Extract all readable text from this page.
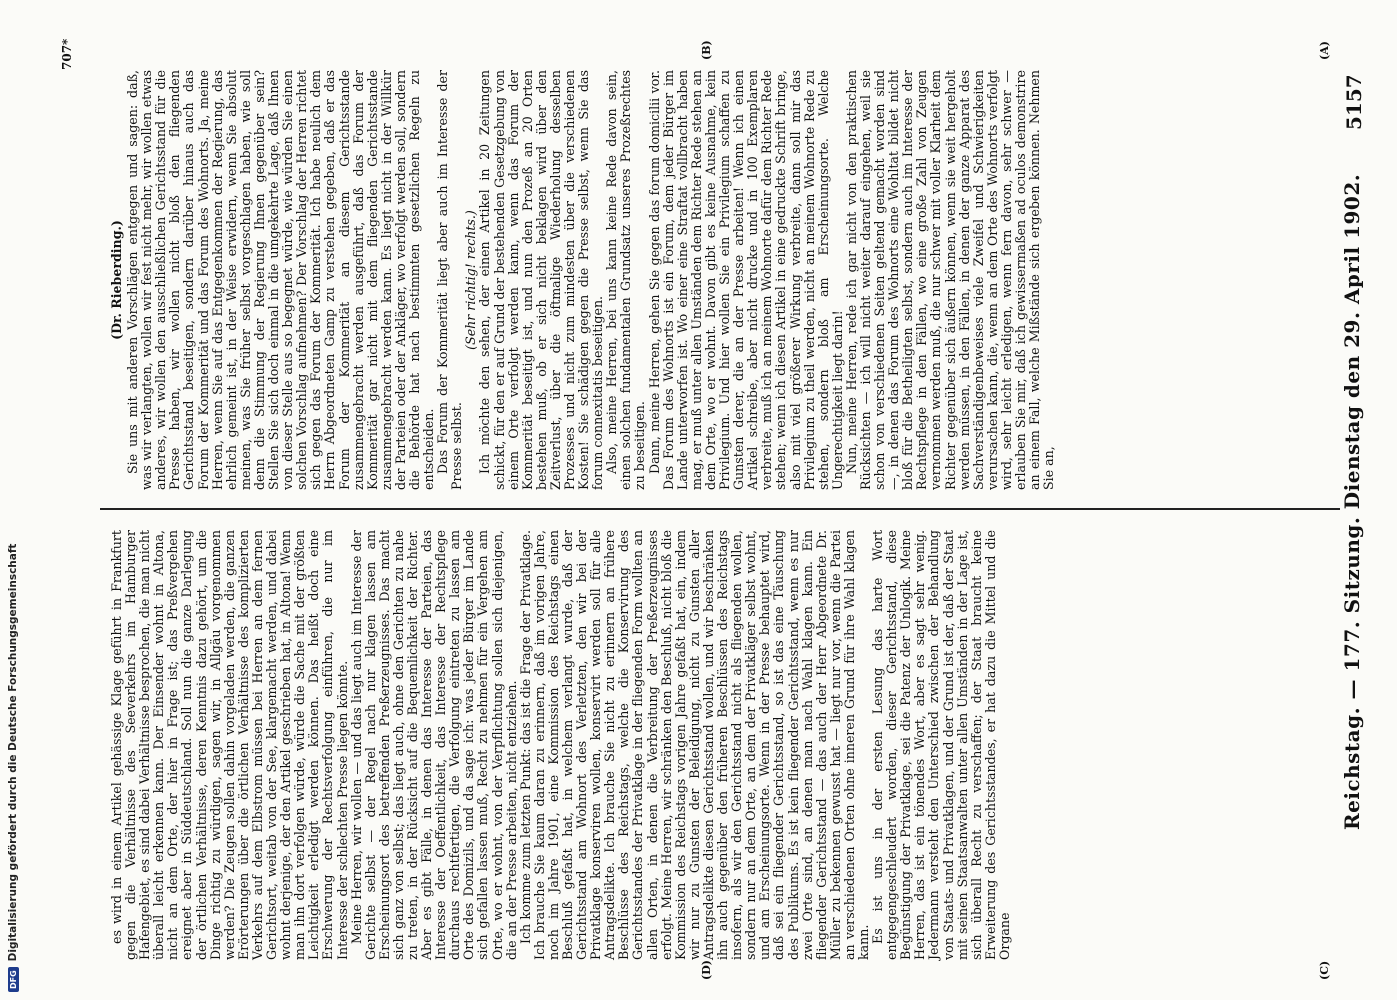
DFG
Digitalisierung gefördert durch die Deutsche Forschungsgemeinschaft
707*
Reichstag. — 177. Sitzung. Dienstag den 29. April 1902.
5157
(A)
(B)
(C)
(D)
(Dr. Rieberding.) Sie uns mit anderen Vorschlägen entgegen und sagen: daß, was wir verlangten, wollen wir fest nicht mehr, wir wollen etwas anderes, wir wollen den ausschließlichen Gerichtsstand für die Presse haben, wir wollen nicht bloß den fliegenden Gerichtsstand beseitigen, sondern darüber hinaus auch das Forum der Kommerität und das Forum des Wohnorts. Ja, meine Herren, wenn Sie auf das Entgegenkommen der Regierung, das ehrlich gemeint ist, in der Weise erwidern, wenn Sie absolut meinen, was Sie früher selbst vorgeschlagen haben, wie soll denn die Stimmung der Regierung Ihnen gegenüber sein? Stellen Sie sich doch einmal in die umgekehrte Lage, daß Ihnen von dieser Stelle aus so begegnet würde, wie würden Sie einen solchen Vorschlag aufnehmen? Der Vorschlag der Herren richtet sich gegen das Forum der Kommerität. Ich habe neulich dem Herrn Abgeordneten Gamp zu verstehen gegeben, daß er das Forum der Kommerität an diesem Gerichtsstande zusammengebracht werden ausgeführt, daß das Forum der Kommerität gar nicht mit dem fliegenden Gerichtsstande zusammengebracht werden kann. Es liegt nicht in der Willkür der Parteien oder der Ankläger, wo verfolgt werden soll, sondern die Behörde hat nach bestimmten gesetzlichen Regeln zu entscheiden. Das Forum der Kommerität liegt aber auch im Interesse der Presse selbst.

(Sehr richtig! rechts.) Ich möchte den sehen, der einen Artikel in 20 Zeitungen schickt, für den er auf Grund der bestehenden Gesetzgebung von einem Orte verfolgt werden kann, wenn das Forum der Kommerität beseitigt ist, und nun den Prozeß an 20 Orten bestehen muß, ob er sich nicht beklagen wird über den Zeitverlust, über die öftmalige Wiederholung desselben Prozesses und nicht zum mindesten über die verschiedenen Kosten! Sie schädigen gegen die Presse selbst, wenn Sie das forum connexitatis beseitigen. Also, meine Herren, bei uns kann keine Rede davon sein, einen solchen fundamentalen Grundsatz unseres Prozeßrechtes zu beseitigen. Dann, meine Herren, gehen Sie gegen das forum domicilii vor. Das Forum des Wohnorts ist ein Forum, dem jeder Bürger im Lande unterworfen ist. Wo einer eine Straftat vollbracht haben mag, er muß unter allen Umständen dem Richter Rede stehen an dem Orte, wo er wohnt. Davon gibt es keine Ausnahme, kein Privilegium. Und hier wollen Sie ein Privilegium schaffen zu Gunsten derer, die an der Presse arbeiten! Wenn ich einen Artikel schreibe, aber nicht drucke und in 100 Exemplaren verbreite, muß ich an meinem Wohnorte dafür dem Richter Rede stehen; wenn ich diesen Artikel in eine gedruckte Schrift bringe, also mit viel größerer Wirkung verbreite, dann soll mir das Privilegium zu theil werden, nicht an meinem Wohnorte Rede zu stehen, sondern bloß am Erscheinungsorte. Welche Ungerechtigkeit liegt darin! Nun, meine Herren, rede ich gar nicht von den praktischen Rücksichten — ich will nicht weiter darauf eingehen, weil sie schon von verschiedenen Seiten geltend gemacht worden sind —, in denen das Forum des Wohnorts eine Wohltat bildet nicht bloß für die Betheiligten selbst, sondern auch im Interesse der Rechtspflege in den Fällen, wo eine große Zahl von Zeugen vernommen werden muß, die nur schwer mit voller Klarheit dem Richter gegenüber sich äußern können, wenn sie weit hergeholt werden müssen, in den Fällen, in denen der ganze Apparat des Sachverständigenbeweises viele Zweifel und Schwierigkeiten verursachen kann, die, wenn an dem Orte des Wohnorts verfolgt wird, sehr leicht erledigen, wenn fern davon, sehr schwer — erlauben Sie mir, daß ich gewissermaßen ad oculos demonstrire an einem Fall, welche Mißstände sich ergeben können. Nehmen Sie an,

es wird in einem Artikel gehässige Klage geführt in Frankfurt gegen die Verhältnisse des Seeverkehrs im Hamburger Hafengebiet, es sind dabei Verhältnisse besprochen, die man nicht überall leicht erkennen kann. Der Einsender wohnt in Altona, nicht an dem Orte, der hier in Frage ist; das Preßvergehen ereignet aber in Süddeutschland. Soll nun die ganze Darlegung der örtlichen Verhältnisse, deren Kenntnis dazu gehört, um die Dinge richtig zu würdigen, sagen wir, in Allgäu vorgenommen werden? Die Zeugen sollen dahin vorgeladen werden, die ganzen Erörterungen über die örtlichen Verhältnisse des komplizierten Verkehrs auf dem Elbstrom müssen bei Herren an dem fernen Gerichtsort, weitab von der See, klargemacht werden, und dabei wohnt derjenige, der den Artikel geschrieben hat, in Altona! Wenn man ihn dort verfolgen würde, würde die Sache mit der größten Leichtigkeit erledigt werden können. Das heißt doch eine Erschwerung der Rechtsverfolgung einführen, die nur im Interesse der schlechten Presse liegen könnte. Meine Herren, wir wollen — und das liegt auch im Interesse der Gerichte selbst — der Regel nach nur klagen lassen am Erscheinungsort des betreffenden Preßerzeugnisses. Das macht sich ganz von selbst; das liegt auch, ohne den Gerichten zu nahe zu treten, in der Rücksicht auf die Bequemlichkeit der Richter. Aber es gibt Fälle, in denen das Interesse der Parteien, das Interesse der Oeffentlichkeit, das Interesse der Rechtspflege durchaus rechtfertigen, die Verfolgung eintreten zu lassen am Orte des Domizils, und da sage ich: was jeder Bürger im Lande sich gefallen lassen muß, Recht zu nehmen für ein Vergehen am Orte, wo er wohnt, von der Verpflichtung sollen sich diejenigen, die an der Presse arbeiten, nicht entziehen. Ich komme zum letzten Punkt: das ist die Frage der Privatklage. Ich brauche Sie kaum daran zu erinnern, daß im vorigen Jahre, noch im Jahre 1901, eine Kommission des Reichstags einen Beschluß gefaßt hat, in welchem verlangt wurde, daß der Gerichtsstand am Wohnort des Verletzten, den wir bei der Privatklage konserviren wollen, konservirt werden soll für alle Antragsdelikte. Ich brauche Sie nicht zu erinnern an frühere Beschlüsse des Reichstags, welche die Konservirung des Gerichtsstandes der Privatklage in der fliegenden Form wollten an allen Orten, in denen die Verbreitung der Preßerzeugnisses erfolgt. Meine Herren, wir schränken den Beschluß, nicht bloß die Kommission des Reichstags vorigen Jahre gefaßt hat, ein, indem wir nur zu Gunsten der Beleidigung, nicht zu Gunsten aller Antragsdelikte diesen Gerichtsstand wollen, und wir beschränken ihn auch gegenüber den früheren Beschlüssen des Reichstags insofern, als wir den Gerichtsstand nicht als fliegenden wollen, sondern nur an dem Orte, an dem der Privatkläger selbst wohnt, und am Erscheinungsorte. Wenn in der Presse behauptet wird, daß sei ein fliegender Gerichtsstand, so ist das eine Täuschung des Publikums. Es ist kein fliegender Gerichtsstand, wenn es nur zwei Orte sind, an denen man nach Wahl klagen kann. Ein fliegender Gerichtsstand — das auch der Herr Abgeordnete Dr. Müller zu bekennen gewusst hat — liegt nur vor, wenn die Partei an verschiedenen Orten ohne inneren Grund für ihre Wahl klagen kann. Es ist uns in der ersten Lesung das harte Wort entgegengeschleudert worden, dieser Gerichtsstand, diese Begünstigung der Privatklage, sei die Patenz der Unlogik. Meine Herren, das ist ein tönendes Wort, aber es sagt sehr wenig. Jedermann versteht den Unterschied zwischen der Behandlung von Staats- und Privatklagen, und der Grund ist der, daß der Staat mit seinen Staatsanwalten unter allen Umständen in der Lage ist, sich überall Recht zu verschaffen; der Staat braucht keine Erweiterung des Gerichtsstandes, er hat dazu die Mittel und die Organe
